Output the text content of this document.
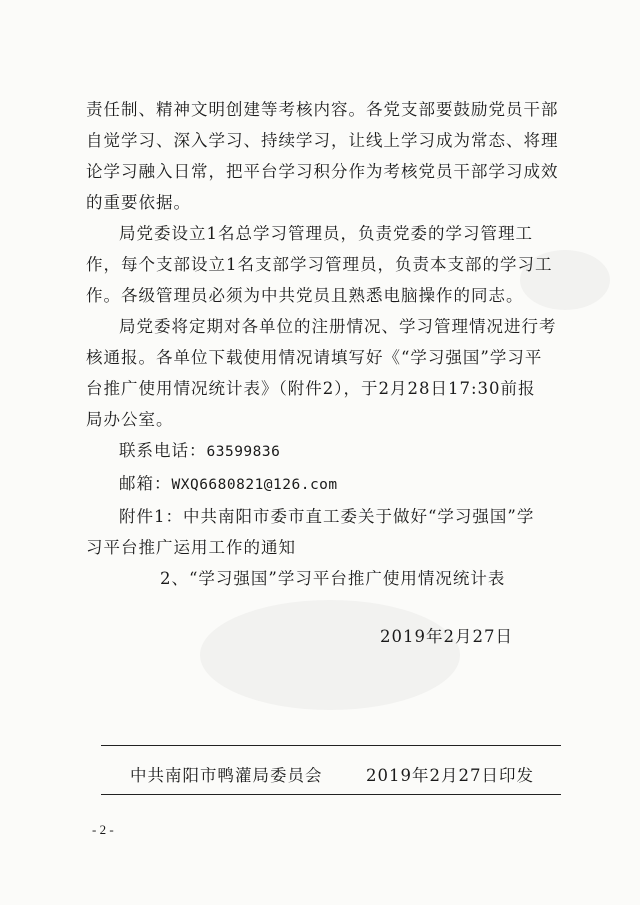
责任制、精神文明创建等考核内容。各党支部要鼓励党员干部
自觉学习、深入学习、持续学习，让线上学习成为常态、将理
论学习融入日常，把平台学习积分作为考核党员干部学习成效
的重要依据。

局党委设立1名总学习管理员，负责党委的学习管理工
作，每个支部设立1名支部学习管理员，负责本支部的学习工
作。各级管理员必须为中共党员且熟悉电脑操作的同志。

局党委将定期对各单位的注册情况、学习管理情况进行考
核通报。各单位下载使用情况请填写好《“学习强国”学习平
台推广使用情况统计表》（附件2），于2月28日17:30前报
局办公室。

联系电话：63599836

邮箱：WXQ6680821@126.com

附件1：中共南阳市委市直工委关于做好“学习强国”学
习平台推广运用工作的通知

2、“学习强国”学习平台推广使用情况统计表

2019年2月27日
中共南阳市鸭灌局委员会	2019年2月27日印发
- 2 -
